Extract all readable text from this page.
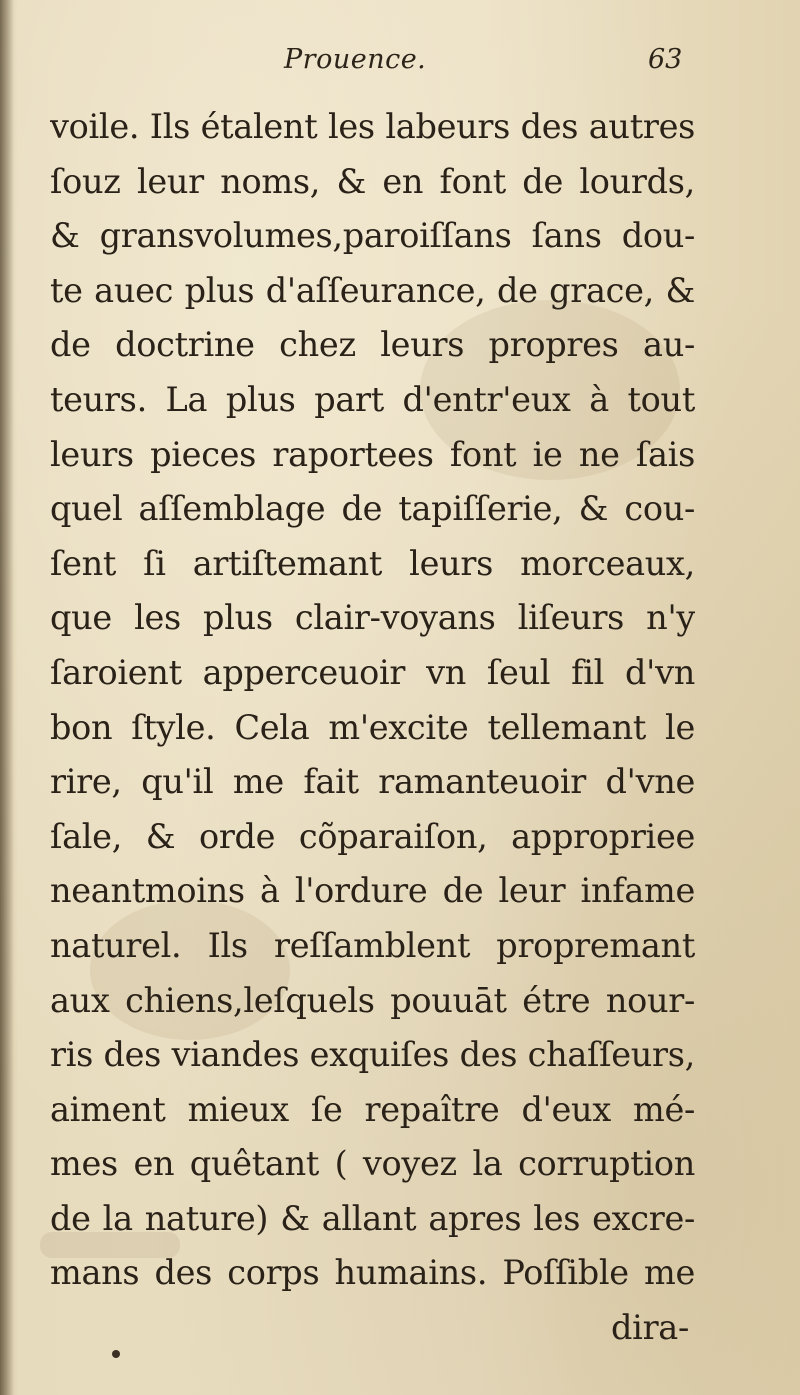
Prouence.	63
voile. Ils étalent les labeurs des autres
ſouz leur noms, & en font de lourds,
& gransvolumes,paroiſſans ſans dou-
te auec plus d'aſſeurance, de grace, &
de doctrine chez leurs propres au-
teurs. La plus part d'entr'eux à tout
leurs pieces raportees font ie ne ſais
quel aſſemblage de tapiſſerie, & cou-
ſent ſi artiſtemant leurs morceaux,
que les plus clair-voyans liſeurs n'y
ſaroient apperceuoir vn ſeul fil d'vn
bon ſtyle. Cela m'excite tellemant le
rire, qu'il me fait ramanteuoir d'vne
ſale, & orde cõparaiſon, appropriee
neantmoins à l'ordure de leur infame
naturel. Ils reſſamblent propremant
aux chiens,leſquels pouuāt étre nour-
ris des viandes exquiſes des chaſſeurs,
aiment mieux ſe repaître d'eux mé-
mes en quêtant ( voyez la corruption
de la nature) & allant apres les excre-
mans des corps humains. Poſſible me
dira-
